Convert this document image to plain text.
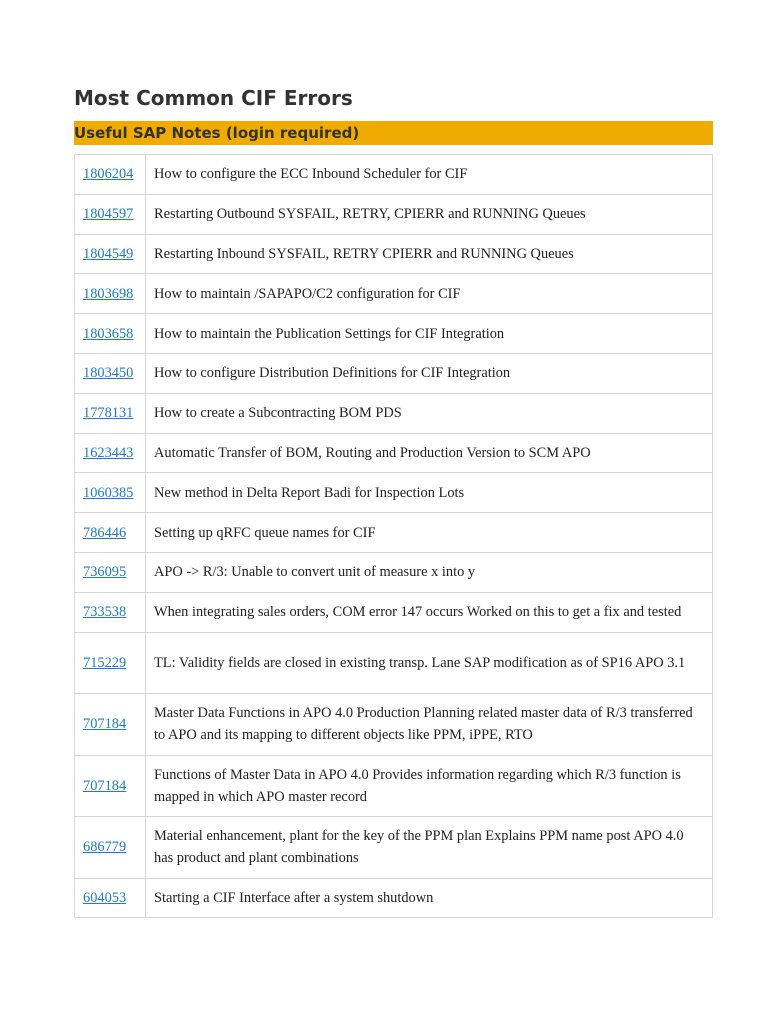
Most Common CIF Errors
Useful SAP Notes (login required)
1806204	How to configure the ECC Inbound Scheduler for CIF
1804597	Restarting Outbound SYSFAIL, RETRY, CPIERR and RUNNING Queues
1804549	Restarting Inbound SYSFAIL, RETRY CPIERR and RUNNING Queues
1803698	How to maintain /SAPAPO/C2 configuration for CIF
1803658	How to maintain the Publication Settings for CIF Integration
1803450	How to configure Distribution Definitions for CIF Integration
1778131	How to create a Subcontracting BOM PDS
1623443	Automatic Transfer of BOM, Routing and Production Version to SCM APO
1060385	New method in Delta Report Badi for Inspection Lots
786446	Setting up qRFC queue names for CIF
736095	APO -> R/3: Unable to convert unit of measure x into y
733538	When integrating sales orders, COM error 147 occurs Worked on this to get a fix and tested
715229	TL: Validity fields are closed in existing transp. Lane SAP modification as of SP16 APO 3.1
707184	Master Data Functions in APO 4.0 Production Planning related master data of R/3 transferred to APO and its mapping to different objects like PPM, iPPE, RTO
707184	Functions of Master Data in APO 4.0 Provides information regarding which R/3 function is mapped in which APO master record
686779	Material enhancement, plant for the key of the PPM plan Explains PPM name post APO 4.0 has product and plant combinations
604053	Starting a CIF Interface after a system shutdown
